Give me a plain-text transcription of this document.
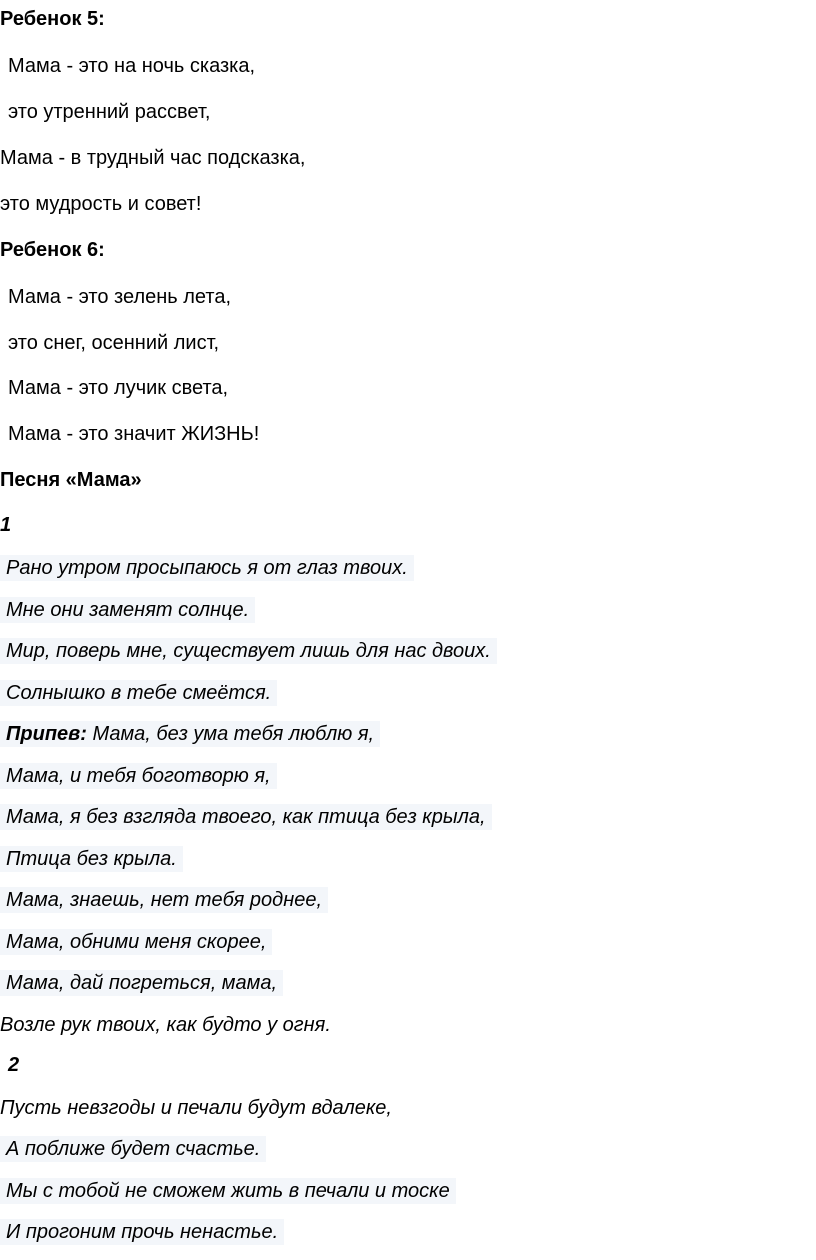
Ребенок 5:
Мама - это на ночь сказка,
это утренний рассвет,
Мама - в трудный час подсказка,
это мудрость и совет!
Ребенок 6:
Мама - это зелень лета,
это снег, осенний лист,
Мама - это лучик света,
Мама - это значит ЖИЗНЬ!
Песня «Мама»
1
Рано утром просыпаюсь я от глаз твоих.
Мне они заменят солнце.
Мир, поверь мне, существует лишь для нас двоих.
Солнышко в тебе смеётся.
Припев: Мама, без ума тебя люблю я,
Мама, и тебя боготворю я,
Мама, я без взгляда твоего, как птица без крыла,
Птица без крыла.
Мама, знаешь, нет тебя роднее,
Мама, обними меня скорее,
Мама, дай погреться, мама,
Возле рук твоих, как будто у огня.
2
Пусть невзгоды и печали будут вдалеке,
А поближе будет счастье.
Мы с тобой не сможем жить в печали и тоске
И прогоним прочь ненастье.
